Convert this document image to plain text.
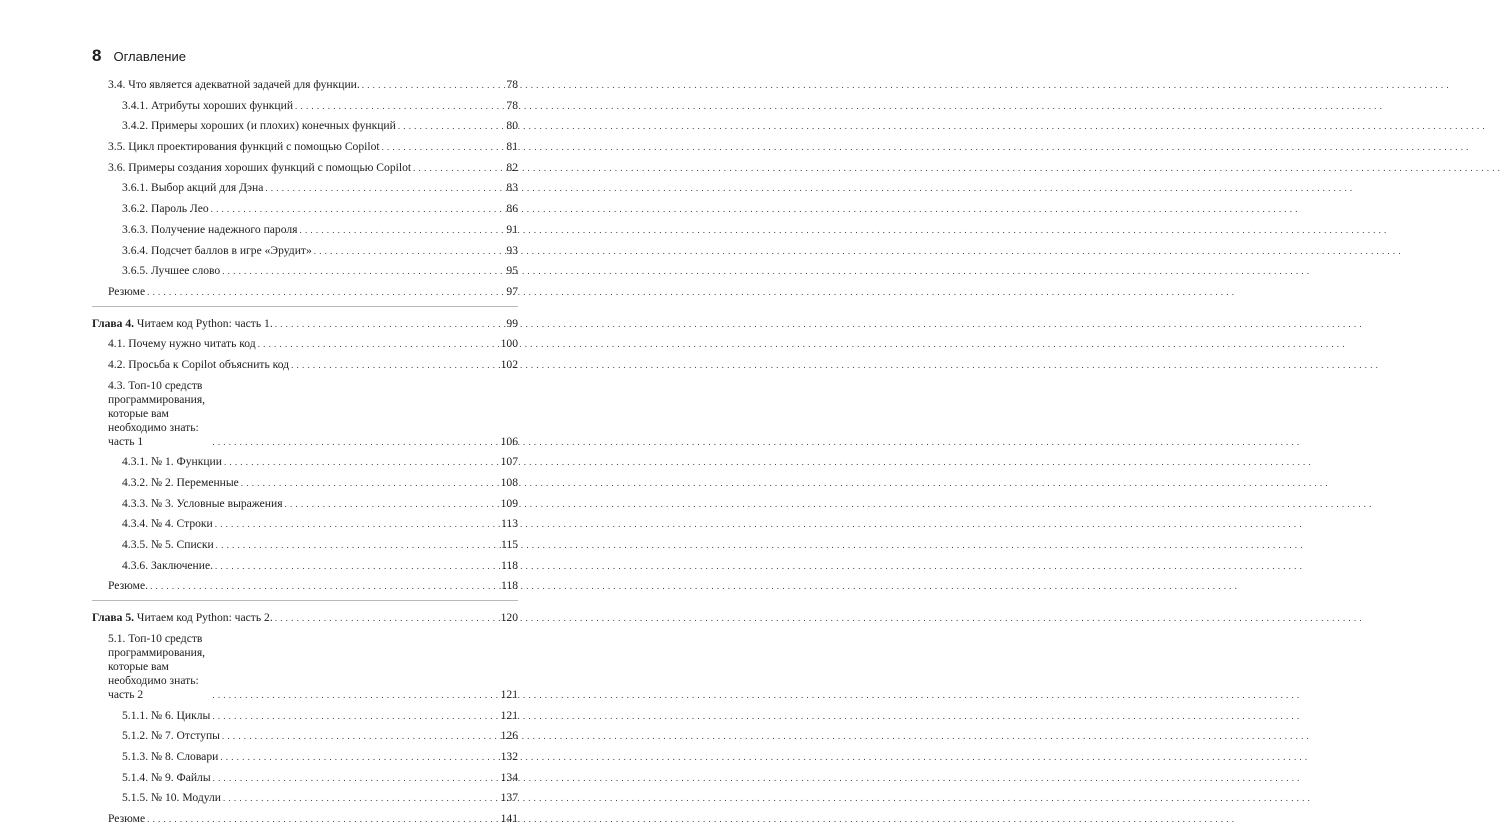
8 Оглавление
3.4. Что является адекватной задачей для функции. .....	78
3.4.1. Атрибуты хороших функций .....	78
3.4.2. Примеры хороших (и плохих) конечных функций .....	80
3.5. Цикл проектирования функций с помощью Copilot .....	81
3.6. Примеры создания хороших функций с помощью Copilot .....	82
3.6.1. Выбор акций для Дэна .....	83
3.6.2. Пароль Лео .....	86
3.6.3. Получение надежного пароля .....	91
3.6.4. Подсчет баллов в игре «Эрудит» .....	93
3.6.5. Лучшее слово .....	95
Резюме .....	97
Глава 4. Читаем код Python: часть 1. .....	99
4.1. Почему нужно читать код .....	100
4.2. Просьба к Copilot объяснить код .....	102
4.3. Топ-10 средств программирования, которые вам необходимо знать: часть 1 .....	106
4.3.1. № 1. Функции .....	107
4.3.2. № 2. Переменные .....	108
4.3.3. № 3. Условные выражения .....	109
4.3.4. № 4. Строки .....	113
4.3.5. № 5. Списки .....	115
4.3.6. Заключение. .....	118
Резюме. .....	118
Глава 5. Читаем код Python: часть 2. .....	120
5.1. Топ-10 средств программирования, которые вам необходимо знать: часть 2 .....	121
5.1.1. № 6. Циклы .....	121
5.1.2. № 7. Отступы .....	126
5.1.3. № 8. Словари .....	132
5.1.4. № 9. Файлы .....	134
5.1.5. № 10. Модули .....	137
Резюме .....	141
